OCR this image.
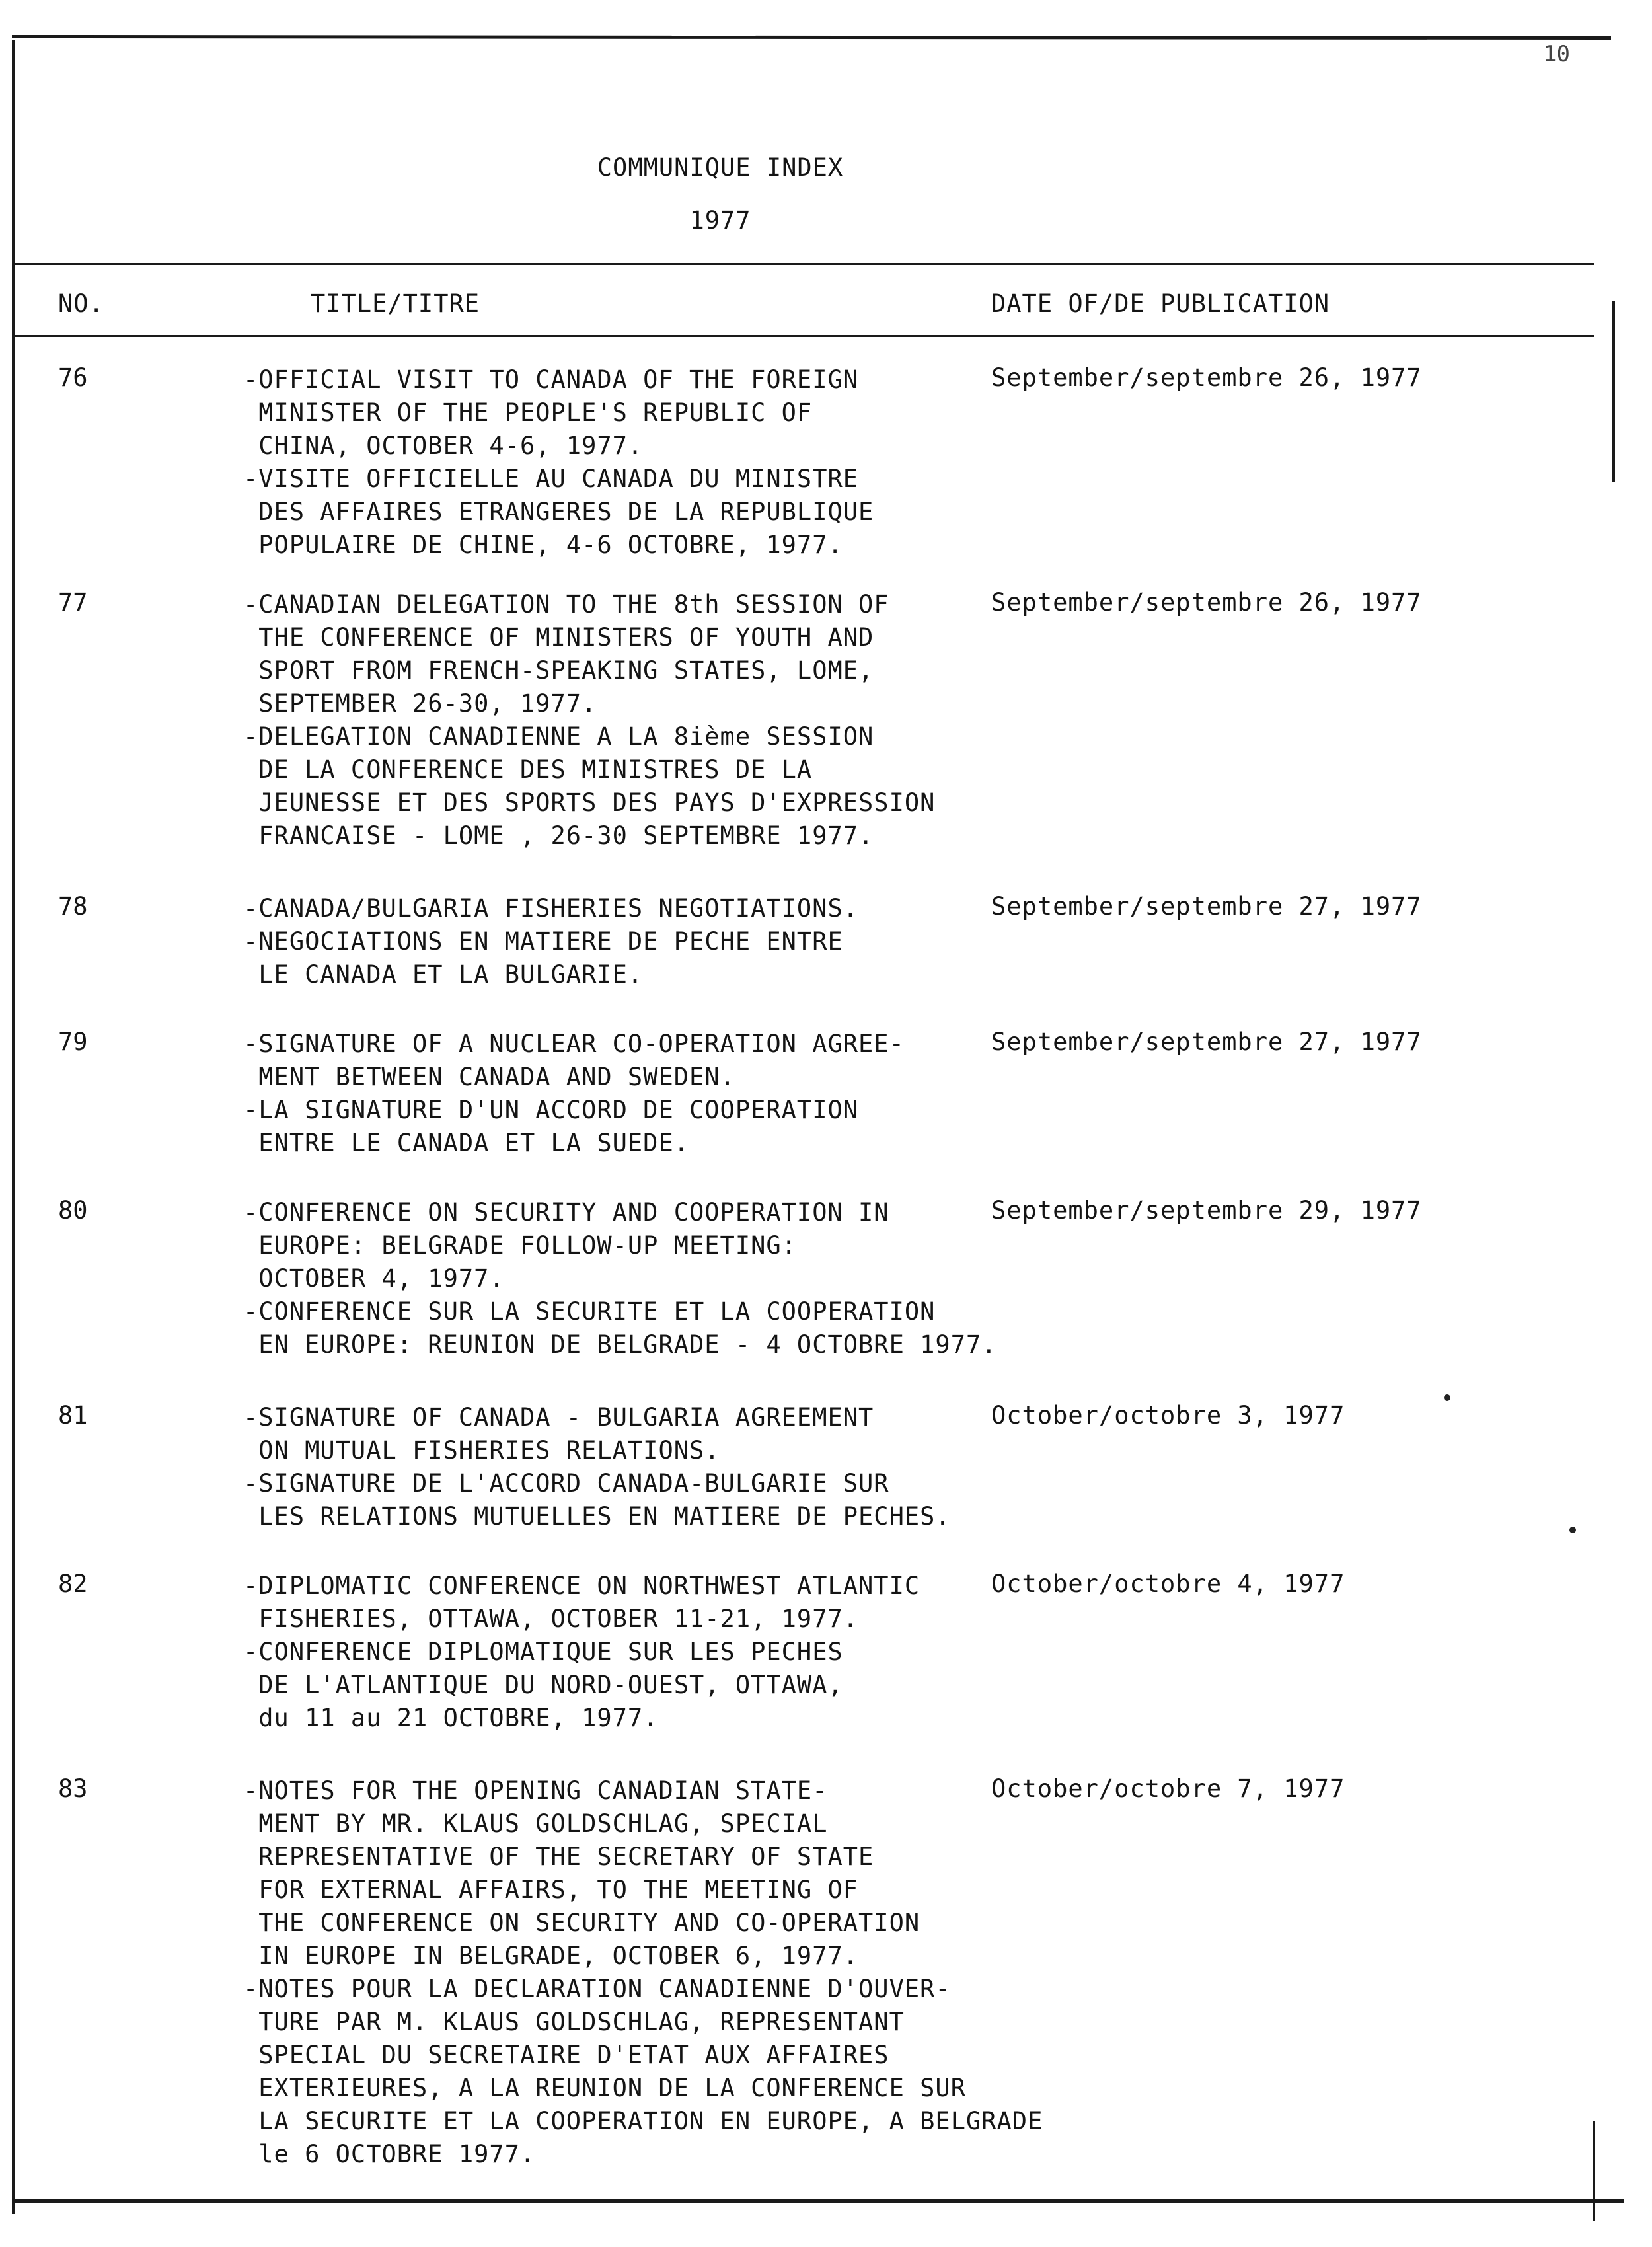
10
COMMUNIQUE INDEX
1977
NO.	TITLE/TITRE	DATE OF/DE PUBLICATION
76	-OFFICIAL VISIT TO CANADA OF THE FOREIGN
MINISTER OF THE PEOPLE'S REPUBLIC OF
CHINA, OCTOBER 4-6, 1977.
-VISITE OFFICIELLE AU CANADA DU MINISTRE
DES AFFAIRES ETRANGERES DE LA REPUBLIQUE
POPULAIRE DE CHINE, 4-6 OCTOBRE, 1977.
September/septembre 26, 1977
77	-CANADIAN DELEGATION TO THE 8th SESSION OF
THE CONFERENCE OF MINISTERS OF YOUTH AND
SPORT FROM FRENCH-SPEAKING STATES, LOME,
SEPTEMBER 26-30, 1977.
-DELEGATION CANADIENNE A LA 8ième SESSION
DE LA CONFERENCE DES MINISTRES DE LA
JEUNESSE ET DES SPORTS DES PAYS D'EXPRESSION
FRANCAISE - LOME , 26-30 SEPTEMBRE 1977.
September/septembre 26, 1977
78	-CANADA/BULGARIA FISHERIES NEGOTIATIONS.
-NEGOCIATIONS EN MATIERE DE PECHE ENTRE
LE CANADA ET LA BULGARIE.
September/septembre 27, 1977
79	-SIGNATURE OF A NUCLEAR CO-OPERATION AGREE-
MENT BETWEEN CANADA AND SWEDEN.
-LA SIGNATURE D'UN ACCORD DE COOPERATION
ENTRE LE CANADA ET LA SUEDE.
September/septembre 27, 1977
80	-CONFERENCE ON SECURITY AND COOPERATION IN
EUROPE: BELGRADE FOLLOW-UP MEETING:
OCTOBER 4, 1977.
-CONFERENCE SUR LA SECURITE ET LA COOPERATION
EN EUROPE: REUNION DE BELGRADE - 4 OCTOBRE 1977.
September/septembre 29, 1977
81	-SIGNATURE OF CANADA - BULGARIA AGREEMENT
ON MUTUAL FISHERIES RELATIONS.
-SIGNATURE DE L'ACCORD CANADA-BULGARIE SUR
LES RELATIONS MUTUELLES EN MATIERE DE PECHES.
October/octobre 3, 1977
82	-DIPLOMATIC CONFERENCE ON NORTHWEST ATLANTIC
FISHERIES, OTTAWA, OCTOBER 11-21, 1977.
-CONFERENCE DIPLOMATIQUE SUR LES PECHES
DE L'ATLANTIQUE DU NORD-OUEST, OTTAWA,
du 11 au 21 OCTOBRE, 1977.
October/octobre 4, 1977
83	-NOTES FOR THE OPENING CANADIAN STATE-
MENT BY MR. KLAUS GOLDSCHLAG, SPECIAL
REPRESENTATIVE OF THE SECRETARY OF STATE
FOR EXTERNAL AFFAIRS, TO THE MEETING OF
THE CONFERENCE ON SECURITY AND CO-OPERATION
IN EUROPE IN BELGRADE, OCTOBER 6, 1977.
-NOTES POUR LA DECLARATION CANADIENNE D'OUVER-
TURE PAR M. KLAUS GOLDSCHLAG, REPRESENTANT
SPECIAL DU SECRETAIRE D'ETAT AUX AFFAIRES
EXTERIEURES, A LA REUNION DE LA CONFERENCE SUR
LA SECURITE ET LA COOPERATION EN EUROPE, A BELGRADE
le 6 OCTOBRE 1977.
October/octobre 7, 1977
